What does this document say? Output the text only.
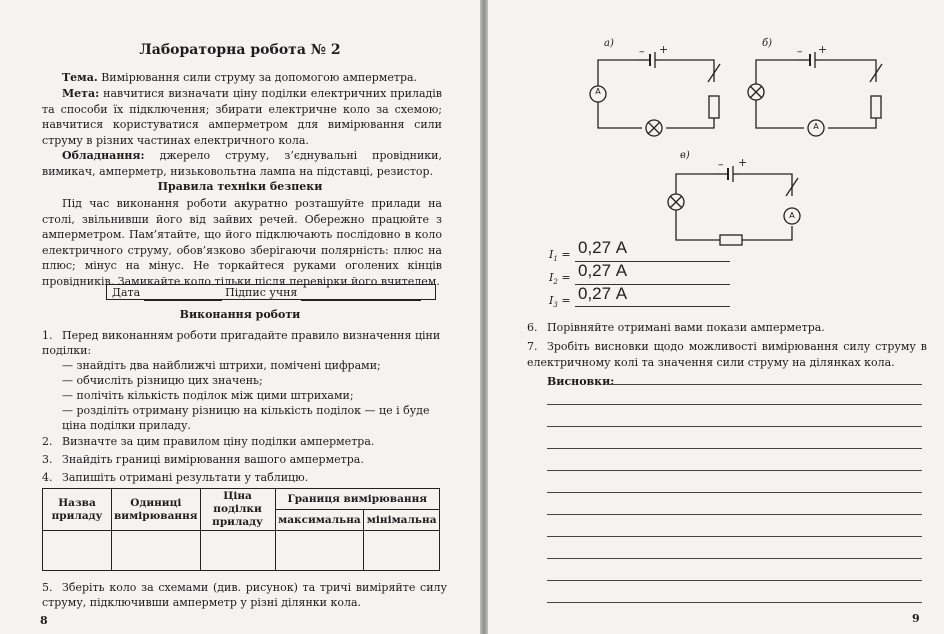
Лабораторна робота № 2
Тема. Вимірювання сили струму за допомогою амперметра.
Мета: навчитися визначати ціну поділки електричних приладів та способи їх підключення; збирати електричне коло за схемою; навчитися користуватися амперметром для вимірювання сили струму в різних частинах електричного кола.
Обладнання: джерело струму, з’єднувальні провідники, вимикач, амперметр, низьковольтна лампа на підставці, резистор.
Правила техніки безпеки
Під час виконання роботи акуратно розташуйте прилади на столі, звільнивши його від зайвих речей. Обережно працюйте з амперметром. Пам’ятайте, що його підключають послідовно в коло електричного струму, обов’язково зберігаючи полярність: плюс на плюс; мінус на мінус. Не торкайтеся руками оголених кінців провідників. Замикайте коло тільки після перевірки його вчителем.
Дата	Підпис учня
Виконання роботи
1. Перед виконанням роботи пригадайте правило визначення ціни поділки:
— знайдіть два найближчі штрихи, помічені цифрами;
— обчисліть різницю цих значень;
— полічіть кількість поділок між цими штрихами;
— розділіть отриману різницю на кількість поділок — це і буде ціна поділки приладу.
2. Визначте за цим правилом ціну поділки амперметра.
3. Знайдіть границі вимірювання вашого амперметра.
4. Запишіть отримані результати у таблицю.
Назва приладу	Одиниці вимірювання	Ціна поділки приладу	Границя вимірювання	
			максимальна	мінімальна

5. Зберіть коло за схемами (див. рисунок) та тричі виміряйте силу струму, підключивши амперметр у різні ділянки кола.
8
а)	б)
в)
– +	– +
– +
A
A
A
$I_1 = 0,27$ А
$I_2 = 0,27$ А
$I_3 = 0,27$ А
6. Порівняйте отримані вами покази амперметра.
7. Зробіть висновки щодо можливості вимірювання силу струму в електричному колі та значення сили струму на ділянках кола.
Висновки:
9
